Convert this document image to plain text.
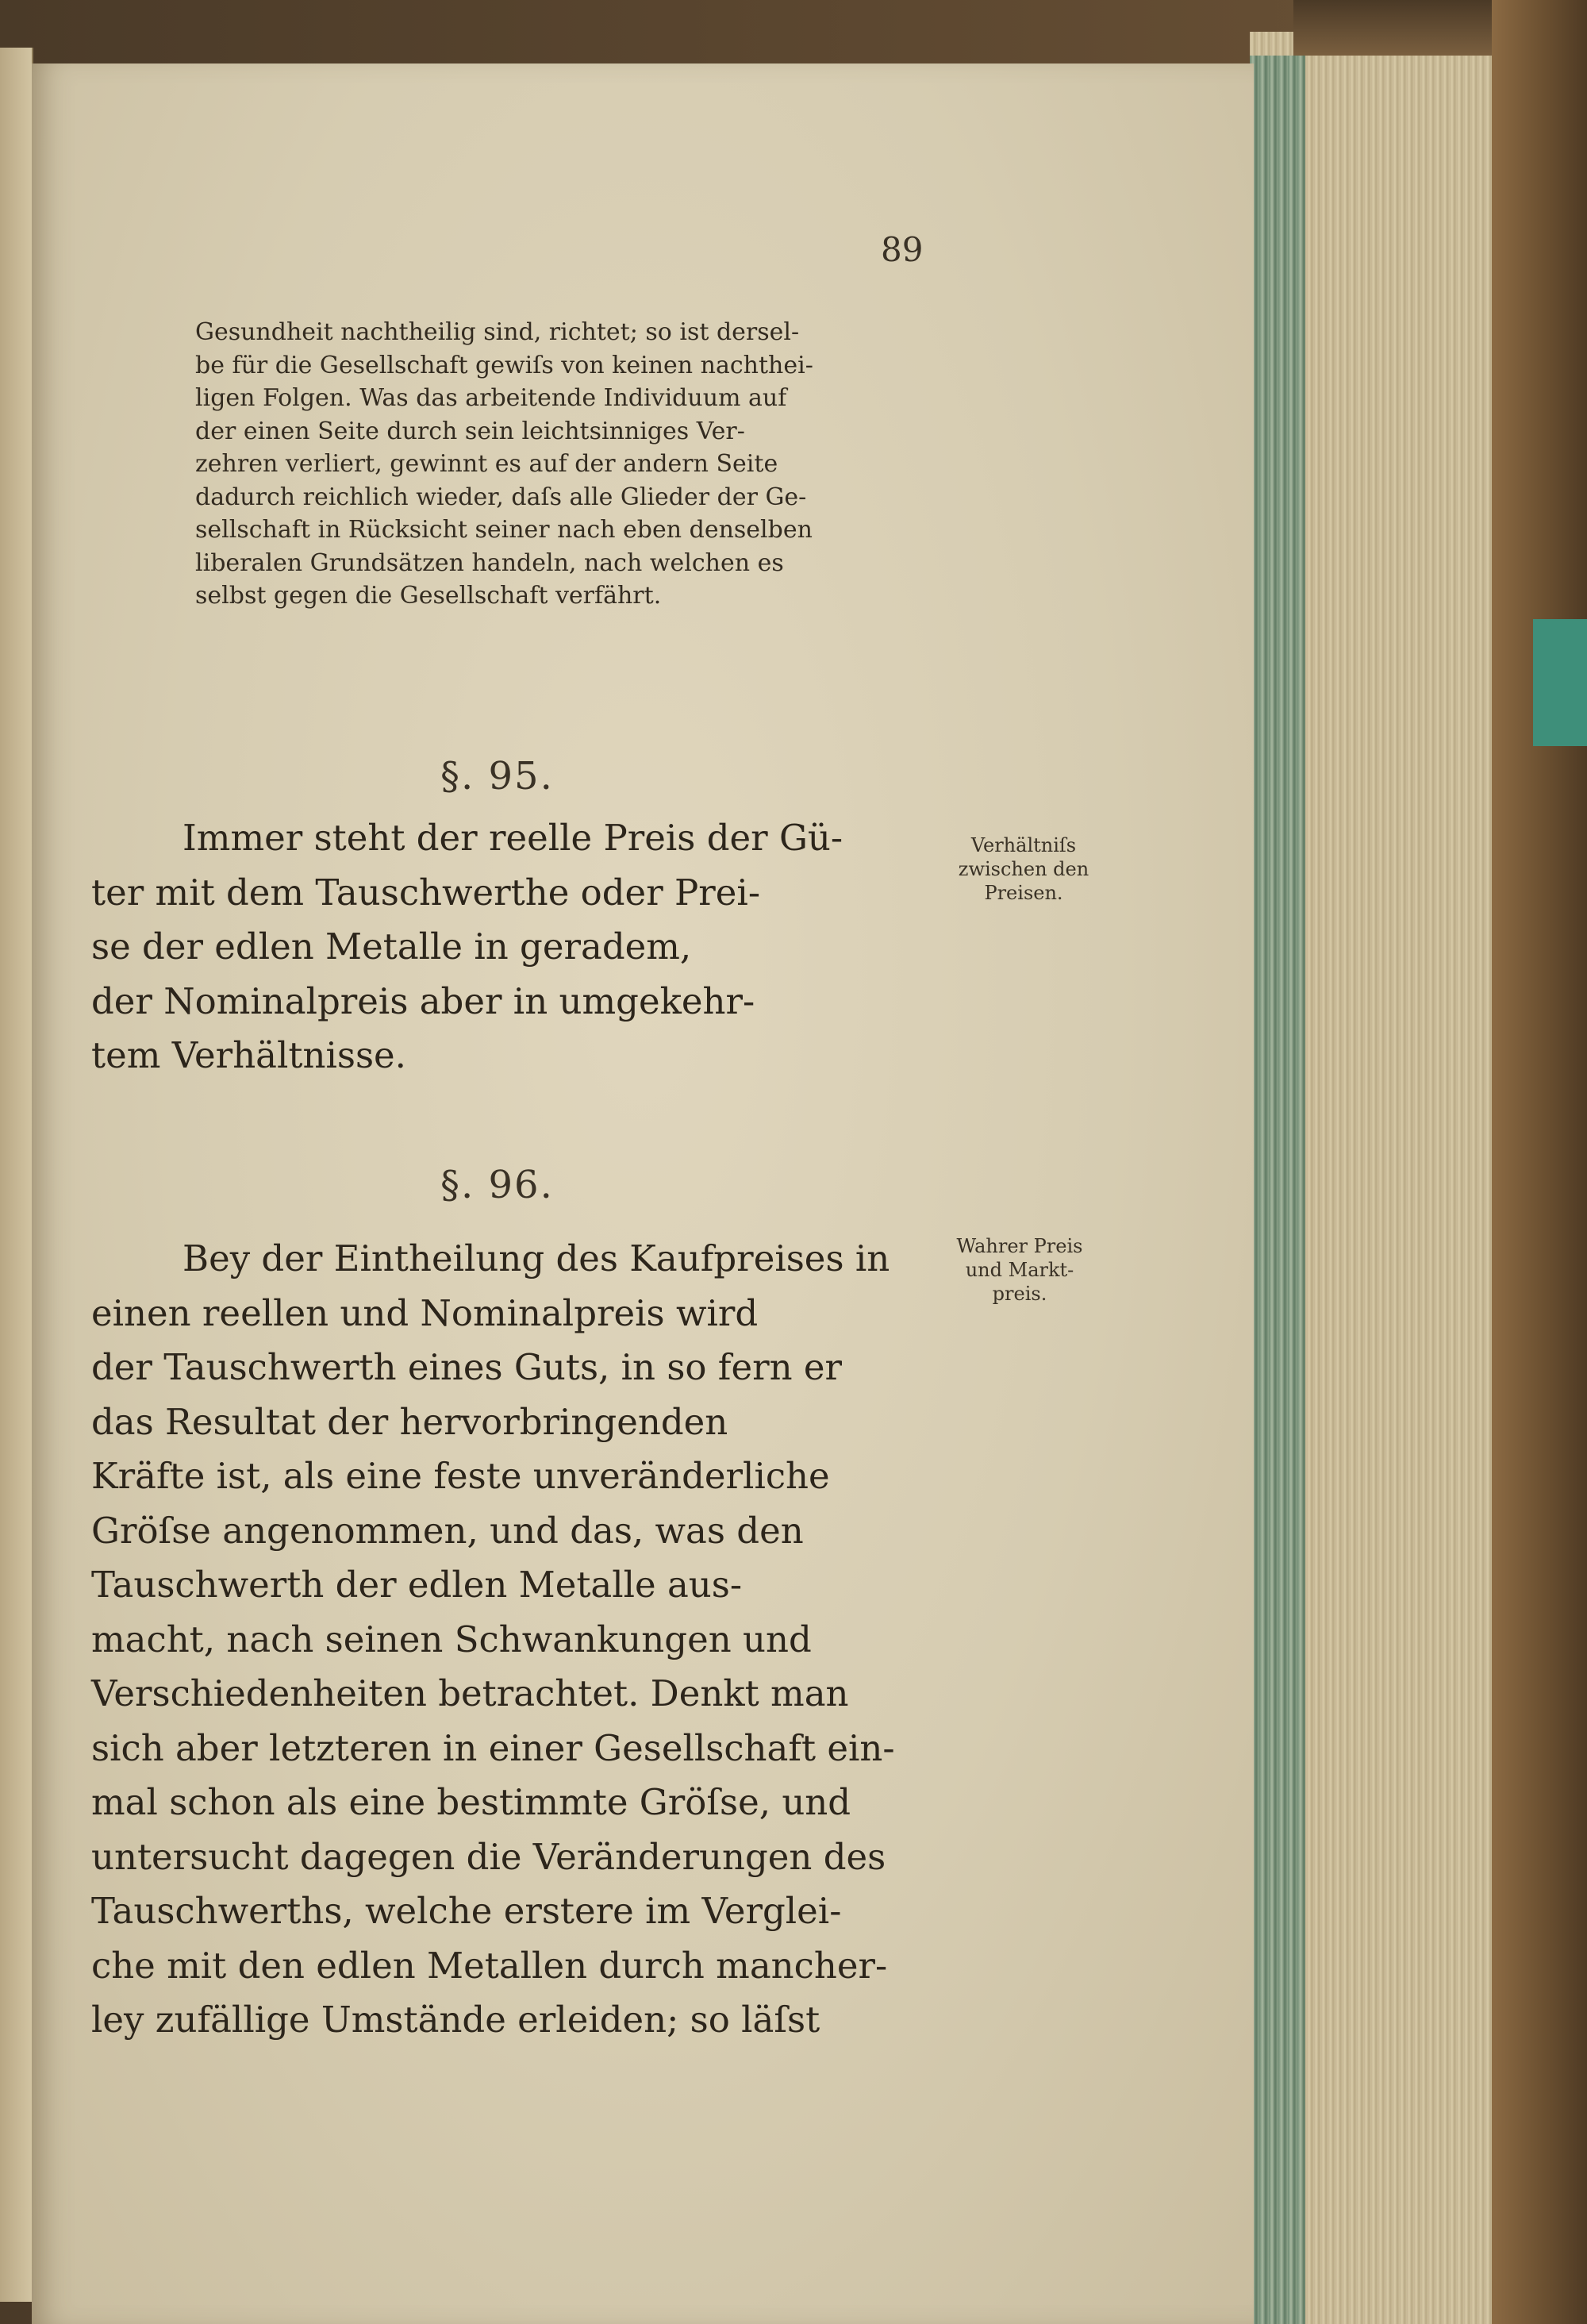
89

Gesundheit nachtheilig sind, richtet; so ist dersel-
be für die Gesellschaft gewiſs von keinen nachthei-
ligen Folgen. Was das arbeitende Individuum auf
der einen Seite durch sein leichtsinniges Ver-
zehren verliert, gewinnt es auf der andern Seite
dadurch reichlich wieder, daſs alle Glieder der Ge-
sellschaft in Rücksicht seiner nach eben denselben
liberalen Grundsätzen handeln, nach welchen es
selbst gegen die Gesellschaft verfährt.

§. 95.

Immer steht der reelle Preis der Gü-
ter mit dem Tauschwerthe oder Prei-
se der edlen Metalle in geradem,
der Nominalpreis aber in umgekehr-
tem Verhältnisse.
Verhältniſs
zwischen den
Preisen.

§. 96.

Bey der Eintheilung des Kaufpreises in
einen reellen und Nominalpreis wird
der Tauschwerth eines Guts, in so fern er
das Resultat der hervorbringenden
Kräfte ist, als eine feste unveränderliche
Gröſse angenommen, und das, was den
Tauschwerth der edlen Metalle aus-
macht, nach seinen Schwankungen und
Verschiedenheiten betrachtet. Denkt man
sich aber letzteren in einer Gesellschaft ein-
mal schon als eine bestimmte Gröſse, und
untersucht dagegen die Veränderungen des
Tauschwerths, welche erstere im Verglei-
che mit den edlen Metallen durch mancher-
ley zufällige Umstände erleiden; so läſst
Wahrer Preis
und Markt-
preis.
